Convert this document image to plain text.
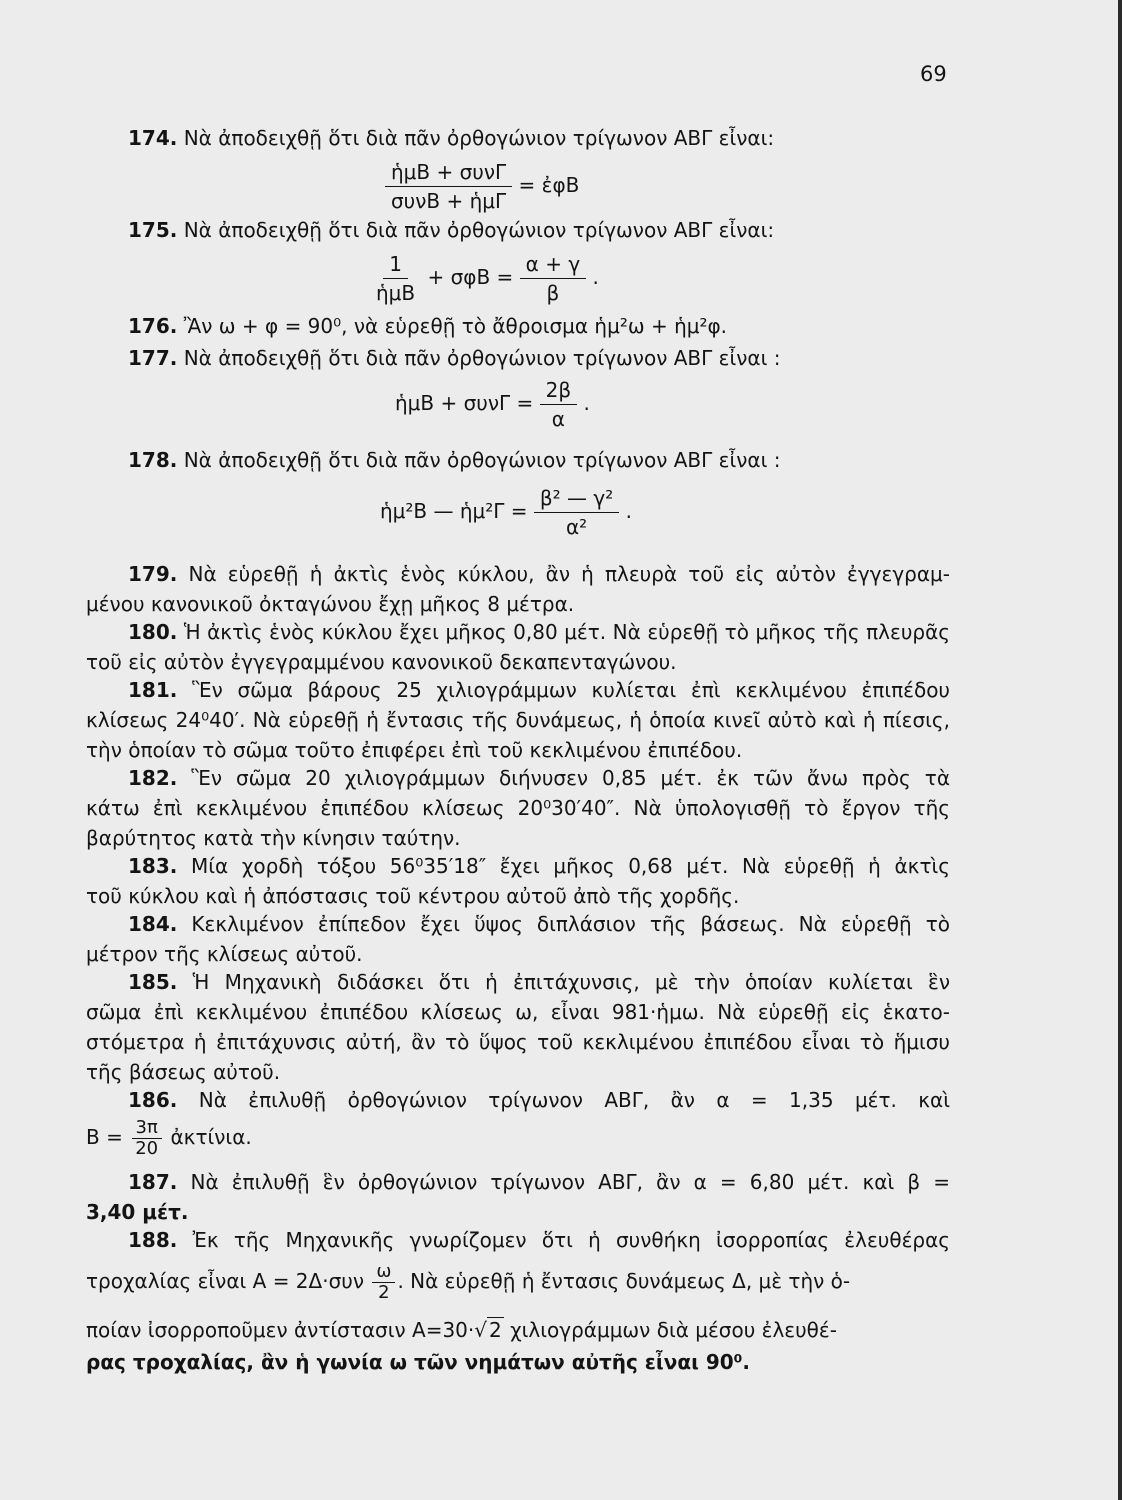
69
174. Νὰ ἀποδειχθῇ ὅτι διὰ πᾶν ὀρθογώνιον τρίγωνον ΑΒΓ εἶναι:
$\frac{\text{ἡμΒ + συνΓ}}{\text{συνΒ + ἡμΓ}}$ = ἐφΒ
175. Νὰ ἀποδειχθῇ ὅτι διὰ πᾶν ὀρθογώνιον τρίγωνον ΑΒΓ εἶναι:
$\frac{1}{\text{ἡμΒ}} + \sigma\varphi B = \frac{\alpha + \gamma}{\beta}$ .
176. Ἂν ω + φ = 90⁰, νὰ εὑρεθῇ τὸ ἄθροισμα ἡμ²ω + ἡμ²φ.
177. Νὰ ἀποδειχθῇ ὅτι διὰ πᾶν ὀρθογώνιον τρίγωνον ΑΒΓ εἶναι :
ἡμΒ + $\sigma\upsilon\nu\Gamma = \frac{2\beta}{\alpha}$ .
178. Νὰ ἀποδειχθῇ ὅτι διὰ πᾶν ὀρθογώνιον τρίγωνον ΑΒΓ εἶναι :
ἡμ²Β — ἡμ²Γ = $\frac{\text{β² — γ²}}{\text{α²}}$ .
179. Νὰ εὑρεθῇ ἡ ἀκτὶς ἑνὸς κύκλου, ἂν ἡ πλευρὰ τοῦ εἰς αὐτὸν ἐγγεγραμ-
μένου κανονικοῦ ὀκταγώνου ἔχῃ μῆκος 8 μέτρα.
180. Ἡ ἀκτὶς ἑνὸς κύκλου ἔχει μῆκος 0,80 μέτ. Νὰ εὑρεθῇ τὸ μῆκος τῆς πλευρᾶς
τοῦ εἰς αὐτὸν ἐγγεγραμμένου κανονικοῦ δεκαπενταγώνου.
181. Ἓν σῶμα βάρους 25 χιλιογράμμων κυλίεται ἐπὶ κεκλιμένου ἐπιπέδου
κλίσεως 24⁰40′. Νὰ εὑρεθῇ ἡ ἔντασις τῆς δυνάμεως, ἡ ὁποία κινεῖ αὐτὸ καὶ ἡ πίεσις,
τὴν ὁποίαν τὸ σῶμα τοῦτο ἐπιφέρει ἐπὶ τοῦ κεκλιμένου ἐπιπέδου.
182. Ἓν σῶμα 20 χιλιογράμμων διήνυσεν 0,85 μέτ. ἐκ τῶν ἄνω πρὸς τὰ
κάτω ἐπὶ κεκλιμένου ἐπιπέδου κλίσεως 20⁰30′40″. Νὰ ὑπολογισθῇ τὸ ἔργον τῆς
βαρύτητος κατὰ τὴν κίνησιν ταύτην.
183. Μία χορδὴ τόξου 56⁰35′18″ ἔχει μῆκος 0,68 μέτ. Νὰ εὑρεθῇ ἡ ἀκτὶς
τοῦ κύκλου καὶ ἡ ἀπόστασις τοῦ κέντρου αὐτοῦ ἀπὸ τῆς χορδῆς.
184. Κεκλιμένον ἐπίπεδον ἔχει ὕψος διπλάσιον τῆς βάσεως. Νὰ εὑρεθῇ τὸ
μέτρον τῆς κλίσεως αὐτοῦ.
185. Ἡ Μηχανικὴ διδάσκει ὅτι ἡ ἐπιτάχυνσις, μὲ τὴν ὁποίαν κυλίεται ἓν
σῶμα ἐπὶ κεκλιμένου ἐπιπέδου κλίσεως ω, εἶναι 981·ἡμω. Νὰ εὑρεθῇ εἰς ἑκατο-
στόμετρα ἡ ἐπιτάχυνσις αὐτή, ἂν τὸ ὕψος τοῦ κεκλιμένου ἐπιπέδου εἶναι τὸ ἥμισυ
τῆς βάσεως αὐτοῦ.
186. Νὰ ἐπιλυθῇ ὀρθογώνιον τρίγωνον ΑΒΓ, ἂν α = 1,35 μέτ. καὶ
$B = \frac{3\pi}{20}$ ἀκτίνια.
187. Νὰ ἐπιλυθῇ ἓν ὀρθογώνιον τρίγωνον ΑΒΓ, ἂν α = 6,80 μέτ. καὶ β =
3,40 μέτ.
188. Ἐκ τῆς Μηχανικῆς γνωρίζομεν ὅτι ἡ συνθήκη ἰσορροπίας ἐλευθέρας
τροχαλίας εἶναι $A = 2\Delta\cdot\sigma\upsilon\nu \frac{\omega}{2}$ . Νὰ εὑρεθῇ ἡ ἔντασις δυνάμεως Δ, μὲ τὴν ὁ-
ποίαν ἰσορροποῦμεν ἀντίστασιν Α=30·√ 2 χιλιογράμμων διὰ μέσου ἐλευθέ-
ρας τροχαλίας, ἂν ἡ γωνία ω τῶν νημάτων αὐτῆς εἶναι 90⁰.
